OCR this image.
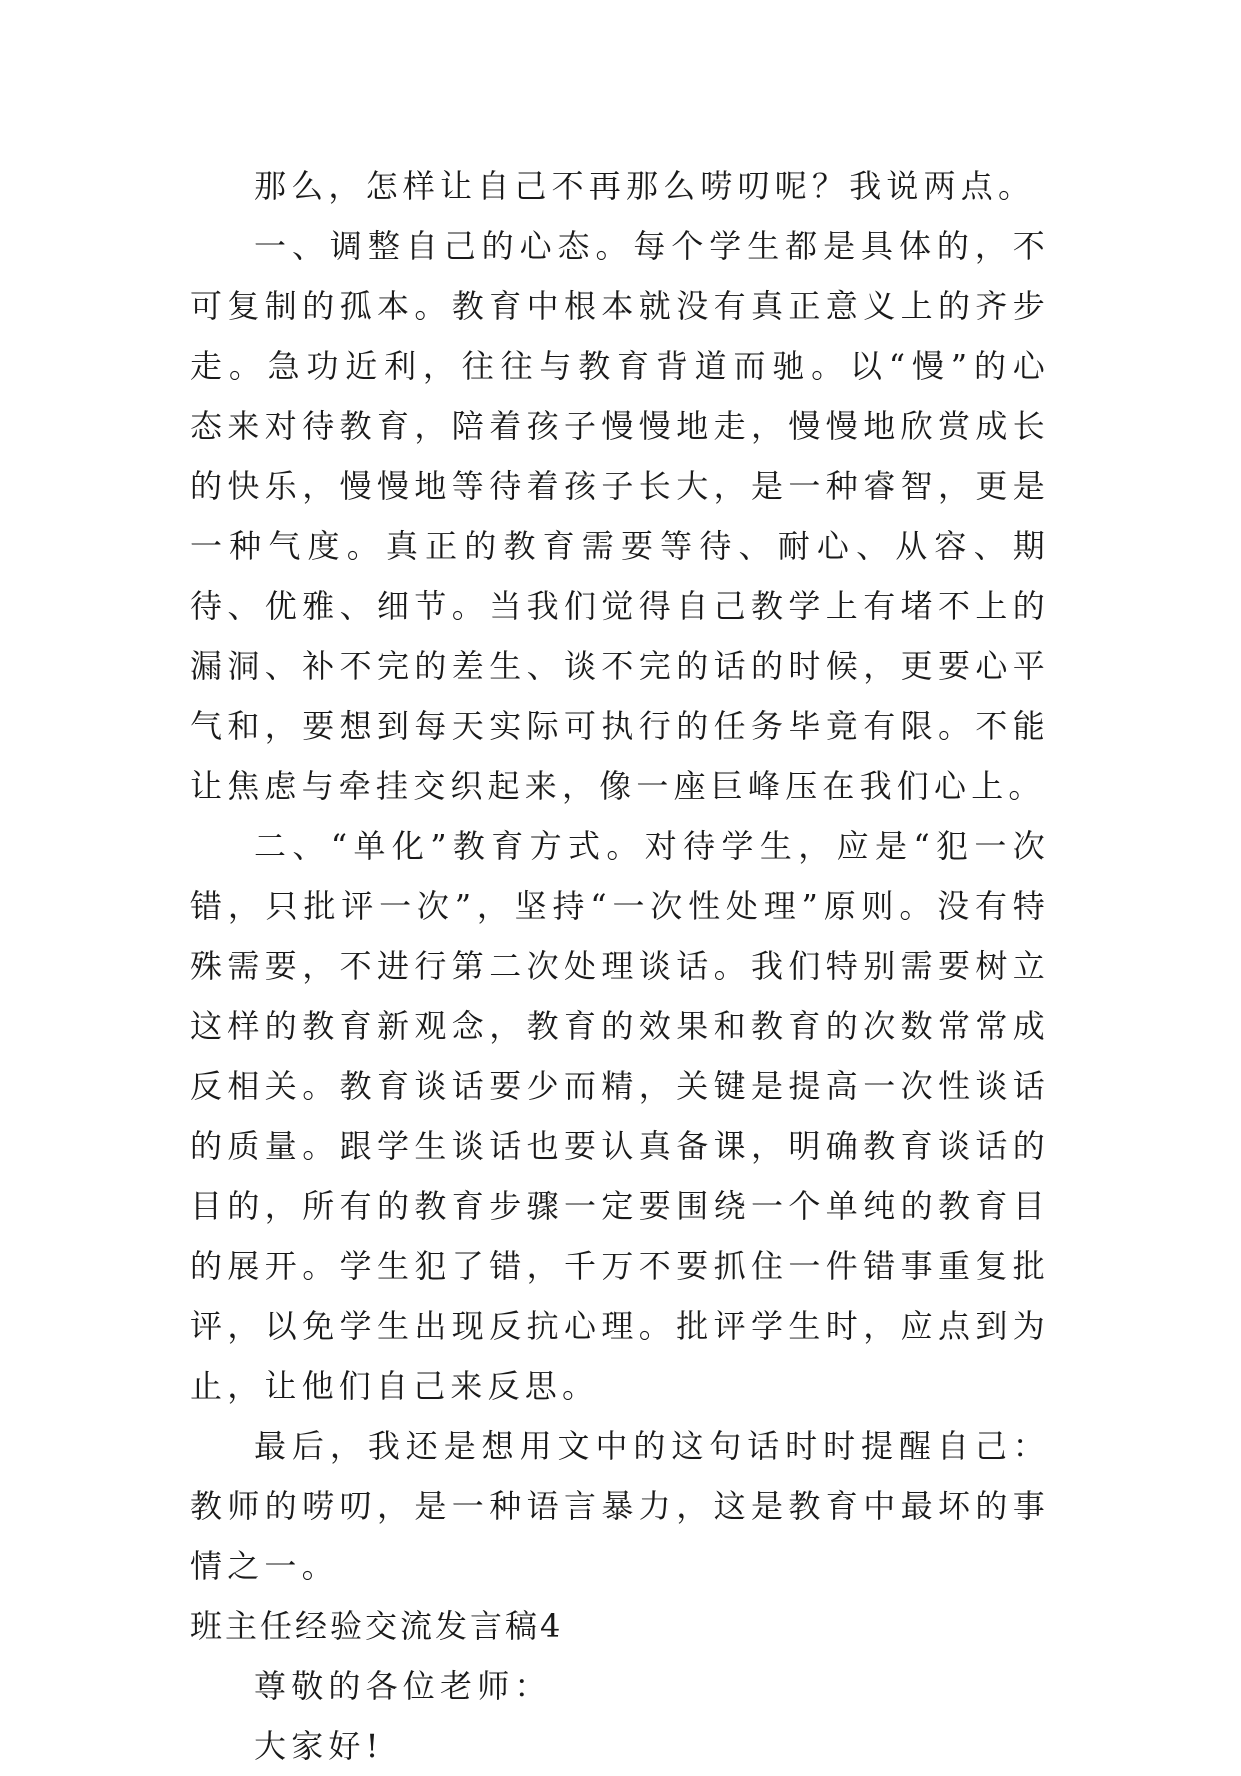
那么，怎样让自己不再那么唠叨呢？我说两点。

一、调整自己的心态。每个学生都是具体的，不可复制的孤本。教育中根本就没有真正意义上的齐步走。急功近利，往往与教育背道而驰。以“慢”的心态来对待教育，陪着孩子慢慢地走，慢慢地欣赏成长的快乐，慢慢地等待着孩子长大，是一种睿智，更是一种气度。真正的教育需要等待、耐心、从容、期待、优雅、细节。当我们觉得自己教学上有堵不上的漏洞、补不完的差生、谈不完的话的时候，更要心平气和，要想到每天实际可执行的任务毕竟有限。不能让焦虑与牵挂交织起来，像一座巨峰压在我们心上。

二、“单化”教育方式。对待学生，应是“犯一次错，只批评一次”，坚持“一次性处理”原则。没有特殊需要，不进行第二次处理谈话。我们特别需要树立这样的教育新观念，教育的效果和教育的次数常常成反相关。教育谈话要少而精，关键是提高一次性谈话的质量。跟学生谈话也要认真备课，明确教育谈话的目的，所有的教育步骤一定要围绕一个单纯的教育目的展开。学生犯了错，千万不要抓住一件错事重复批评，以免学生出现反抗心理。批评学生时，应点到为止，让他们自己来反思。

最后，我还是想用文中的这句话时时提醒自己：教师的唠叨，是一种语言暴力，这是教育中最坏的事情之一。

班主任经验交流发言稿4

尊敬的各位老师：

大家好!
